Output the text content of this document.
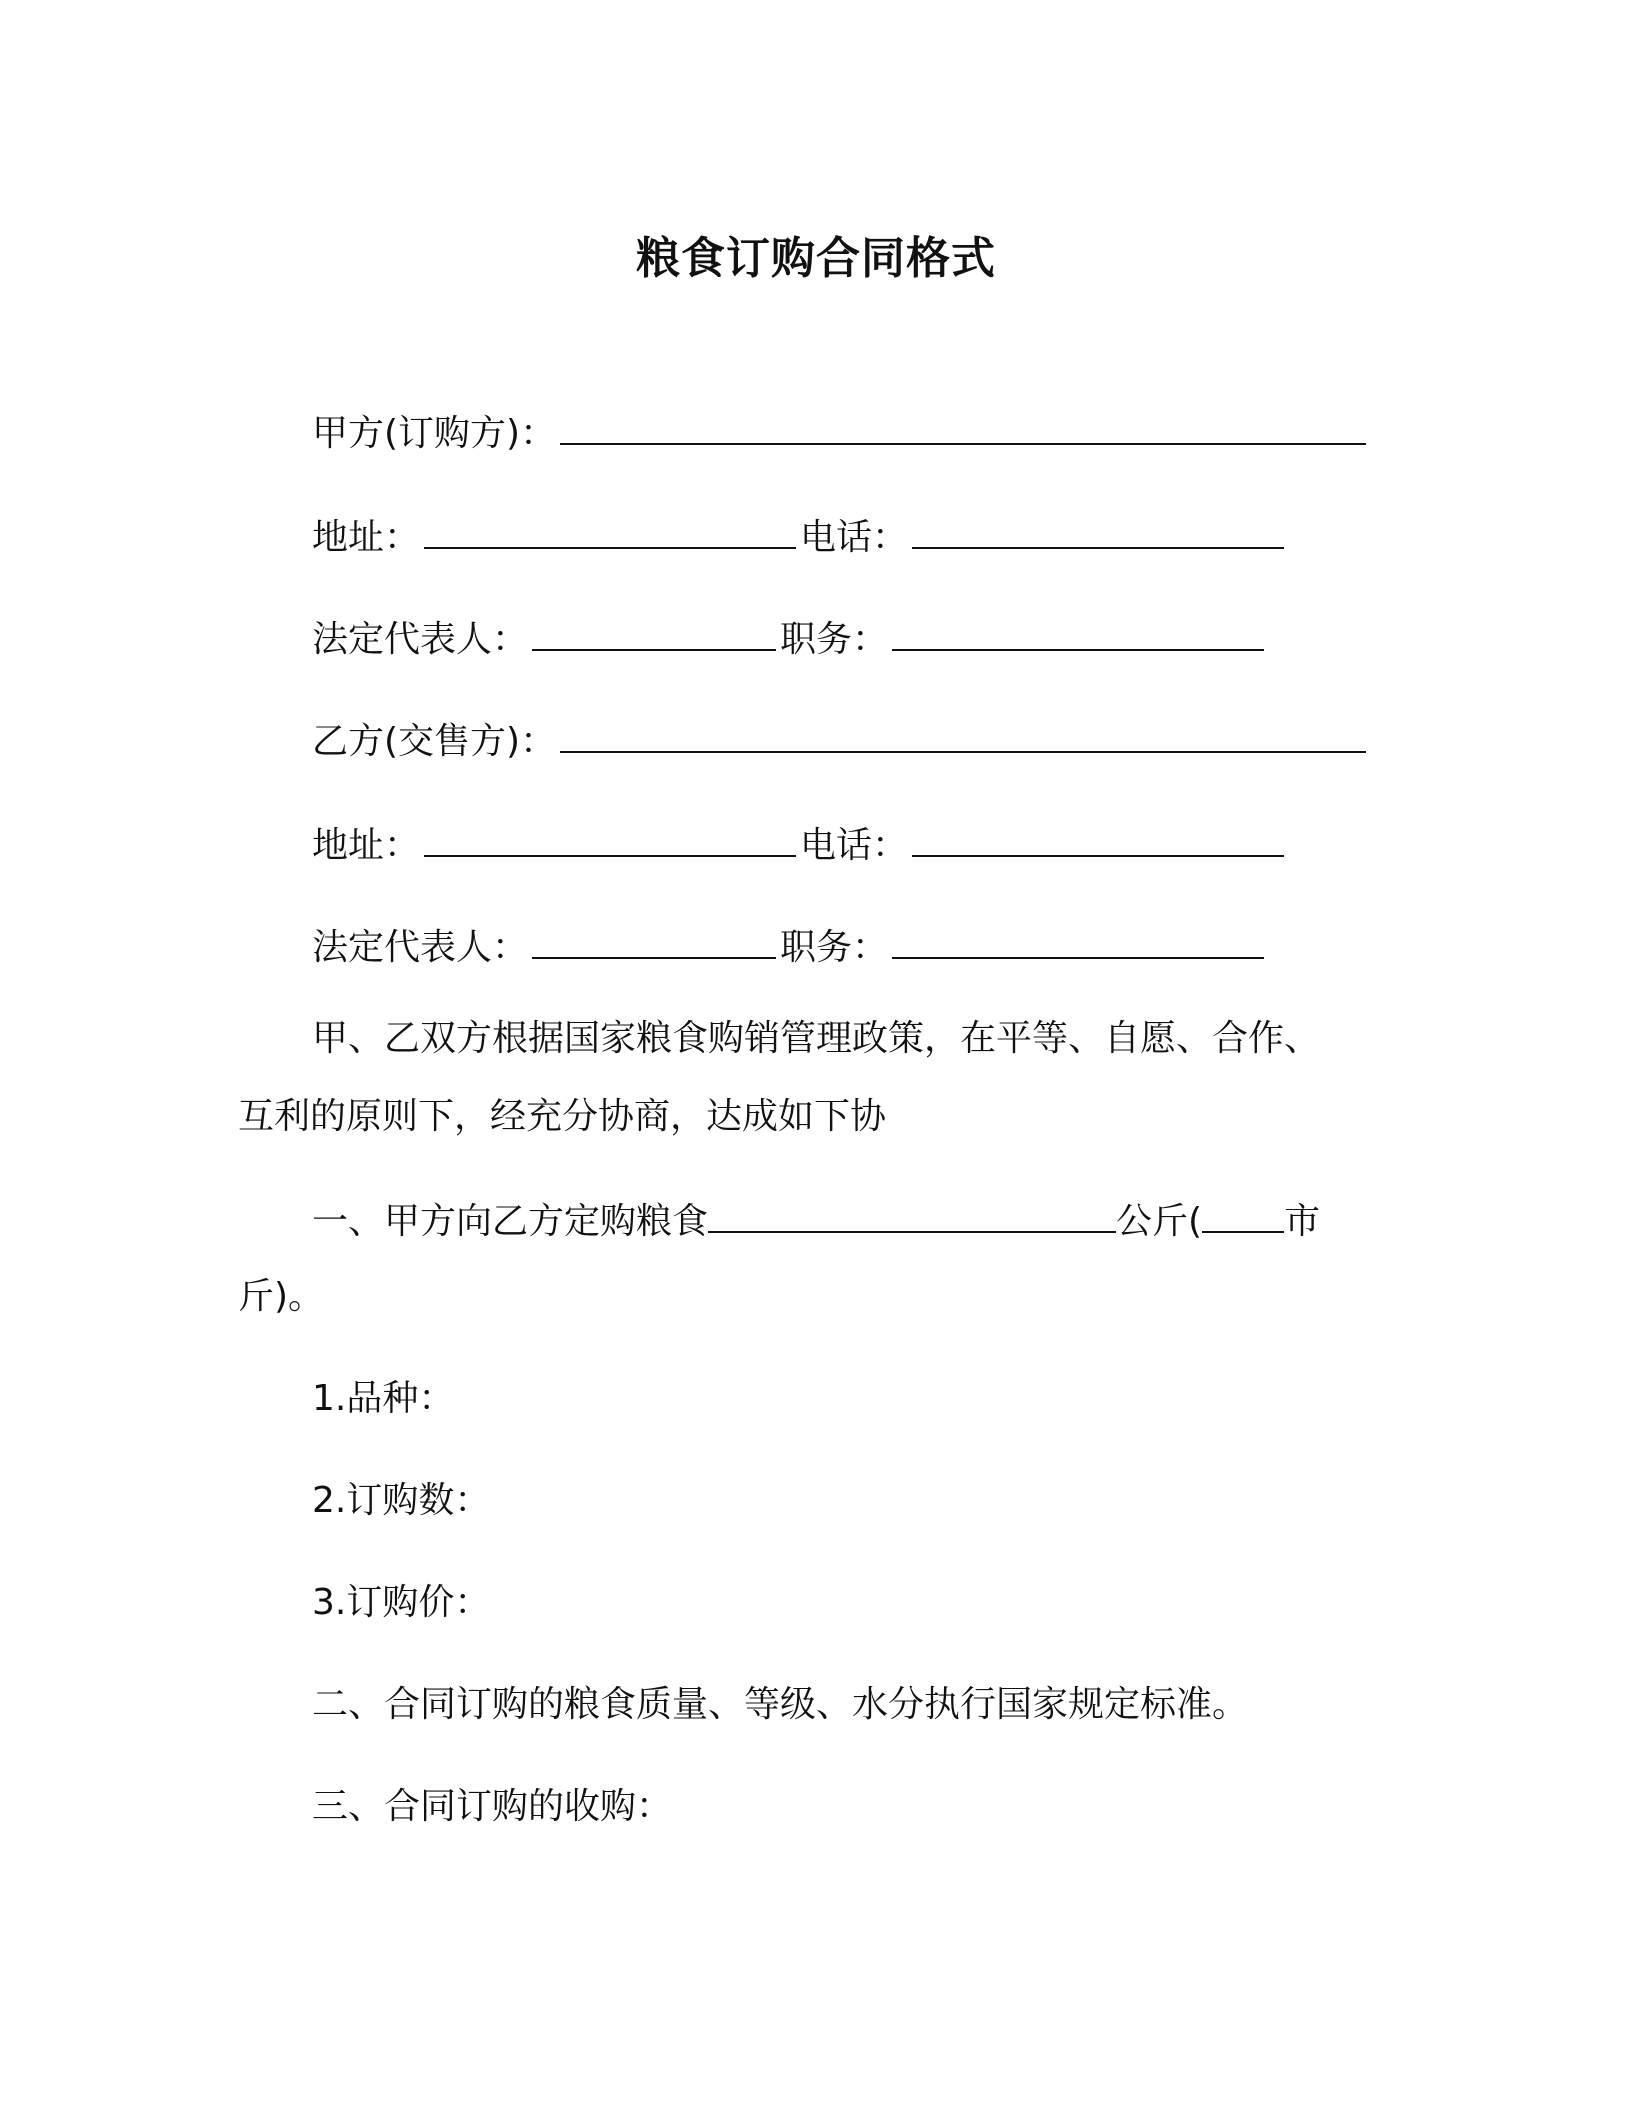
粮食订购合同格式
甲方(订购方)：
地址：	电话：
法定代表人：	职务：
乙方(交售方)：
地址：	电话：
法定代表人：	职务：
甲、乙双方根据国家粮食购销管理政策，在平等、自愿、合作、
互利的原则下，经充分协商，达成如下协
一、甲方向乙方定购粮食	公斤( 市
斤)。
1.品种：
2.订购数：
3.订购价：
二、合同订购的粮食质量、等级、水分执行国家规定标准。
三、合同订购的收购：
